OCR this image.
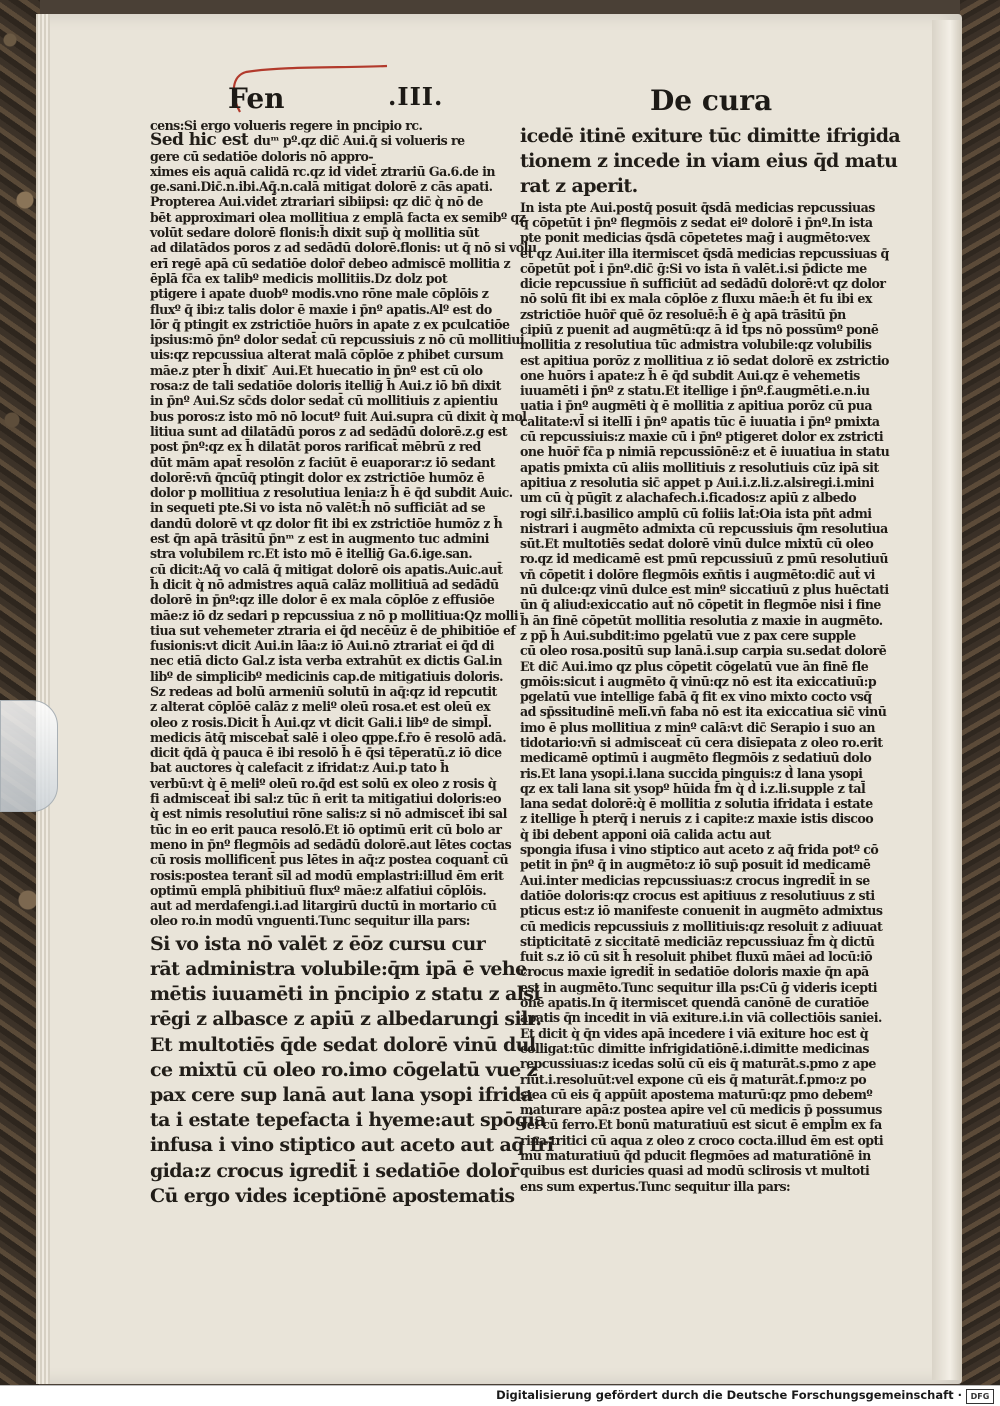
Fen	.III.	De cura
cens:Si ergo volueris regere in pncipio rc.
Sed hic est duᵐ pº.qz dic̄ Aui.q̄ si volueris re
gere cū sedatiōe doloris nō appro-
ximes eis aquā calidā rc.qz id videt̄ ztrariū Ga.6.de in
ge.sani.Dic̄.n.ibi.Aq̄.n.calā mitigat dolorē z cās apati.
Propterea Aui.videt̄ ztrariari sibiipsi: qz dic̄ q̀ nō de
bēt approximari olea mollitiua z emplā facta ex semibº qz
volūt sedare dolorē flonis:h̄ dixit sup̄ q̀ mollitia sūt
ad dilatādos poros z ad sedādū dolorē.flonis: ut q̄ nō si volu
erī regē apā cū sedatiōe dolor̄ debeo admiscē mollitia z
ēplā fc̄a ex talibº medicis mollitiis.Dz dolz pot
ptigere i apate duobº modis.vno rōne male cōplōis z
fluxº q̄ ibi:z talis dolor ē maxie i p̄nº apatis.Alº est do
lōr q̄ ptingit ex zstrictiōe huōrs in apate z ex pculcatiōe
ipsius:mō p̄nº dolor sedat̄ cū repcussiuis z nō cū mollitiui
uis:qz repcussiua alterat malā cōplōe z phibet cursum
māe.z pter h̄ dixit ̄ Aui.Et huecatio in p̄nº est cū olo
rosa:z de tali sedatiōe doloris itelliḡ h̄ Aui.z iō bn̄ dixit
in p̄nº Aui.Sz sc̄ds dolor sedat̄ cū mollitiuis z apientiu
bus poros:z isto mō nō locutº fuit Aui.supra cū dixit q̀ mol
litiua sunt ad dilatādū poros z ad sedādū dolorē.z.g est
post p̄nº:qz ex h̄ dilatāt poros rarificat̄ mēbrū z red
dūt mām apat̄ resolōn z faciūt ē euaporar:z iō sedant
dolorē:vn̄ q̄ncūq̄ ptingit dolor ex zstrictiōe humōz ē
dolor p mollitiua z resolutiua lenia:z h̄ ē q̄d subdit Auic.
in sequeti pte.Si vo ista nō valēt:h̄ nō sufficiāt ad se
dandū dolorē vt qz dolor fit ibi ex zstrictiōe humōz z h̄
est q̄n apā trāsitū p̄nᵐ z est in augmento tuc admini
stra volubilem rc.Et isto mō ē itelliḡ Ga.6.ige.san.
cū dicit:Aq̄ vo calā q̄ mitigat dolorē ois apatis.Auic.aut̄
h̄ dicit q̀ nō admistres aquā calāz mollitiuā ad sedādū
dolorē in p̄nº:qz ille dolor ē ex mala cōplōe z effusiōe
māe:z iō dz sedari p repcussiua z nō p mollitiua:Qz molli
tiua sut vehemeter ztraria ei q̄d necēūz ē de phibitiōe ef
fusionis:vt dicit Aui.in lāa:z iō Aui.nō ztrariat̄ ei q̄d di
nec etiā dicto Gal.z ista verba extrahūt ex dictis Gal.in
libº de simplicibº medicinis cap.de mitigatiuis doloris.
Sz redeas ad bolū armeniū solutū in aq̄:qz id repcutit
z alterat cōplōē calāz z meliº oleū rosa.et est oleū ex
oleo z rosis.Dicit h̄ Aui.qz vt dicit Gali.i libº de simpl̄.
medicis ātq̄ miscebat̄ salē i oleo qppe.f.r̄o ē resolō adā.
dicit q̄dā q̀ pauca ē ibi resolō h̄ ē q̄si tēperatū.z iō dice
bat auctores q̀ calefacit z ifridat:z Aui.p tato h̄
verbū:vt q̀ ē meliº oleū ro.q̄d est solū ex oleo z rosis q̀
fi admisceat̄ ibi sal:z tūc n̄ erit ta mitigatiui doloris:eo
q̀ est nimis resolutiui rōne salis:z si nō admiscet̄ ibi sal
tūc in eo erit pauca resolō.Et iō optimū erit cū bolo ar
meno in p̄nº flegmōis ad sedādū dolorē.aut lētes coctas
cū rosis mollificent̄ pus lētes in aq̄:z postea coquant̄ cū
rosis:postea terant̄ sīl ad modū emplastri:illud ēm erit
optimū emplā phibitiuū fluxº māe:z alfatiui cōplōis.
aut ad merdafengi.i.ad litargirū ductū in mortario cū
oleo ro.in modū vnguenti.Tunc sequitur illa pars:
Si vo ista nō valēt z ēōz cursu cur
rāt administra volubile:q̄m ipā ē vehe
mētis iuuamēti in p̄ncipio z statu z alsi
rēgi z albasce z apiū z albedarungi silr.
Et multotiēs q̄de sedat dolorē vinū dul
ce mixtū cū oleo ro.imo cōgelatū vue z
pax cere sup lanā aut lana ysopi ifrida
ta i estate tepefacta i hyeme:aut spōgia
infusa i vino stiptico aut aceto aut aq̄ fri
gida:z crocus igredit̄ i sedatiōe dolor̄
Cū ergo vides iceptiōnē apostematis
icedē itinē exiture tūc dimitte ifrigida
tionem z incede in viam eius q̄d matu
rat z aperit.
In ista pte Aui.postq̄ posuit q̄sdā medicias repcussiuas
q̄ cōpetūt i p̄nº flegmōis z sedat eiº dolorē i p̄nº.In ista
pte ponit medicias q̄sdā cōpetetes maḡ i augmēto:vex
et qz Aui.iter illa itermiscet q̄sdā medicias repcussiuas q̄
cōpetūt pot̄ i p̄nº.dic̄ ḡ:Si vo ista n̄ valēt.i.si p̄dicte me
dicie repcussiue n̄ sufficiūt ad sedādū dolorē:vt qz dolor
nō solū fit ibi ex mala cōplōe z fluxu māe:h̄ ēt fu ibi ex
zstrictiōe huōr̄ quē ōz resoluē:h̄ ē q̀ apā trāsitū p̄n
cipiū z puenit ad augmētū:qz ā id t̄ps nō possūmº ponē
mollitia z resolutiua tūc admistra volubile:qz volubilis
est apitiua porōz z mollitiua z iō sedat dolorē ex zstrictio
one huōrs i apate:z h̄ ē q̄d subdit Aui.qz ē vehemetis
iuuamēti i p̄nº z statu.Et itellige i p̄nº.f.augmēti.e.n.iu
uatia i p̄nº augmēti q̀ ē mollitia z apitiua porōz cū pua
calitate:vl̄ si itellī i p̄nº apatis tūc ē iuuatia i p̄nº pmixta
cū repcussiuis:z maxie cū i p̄nº ptigeret dolor ex zstricti
one huōr̄ fc̄a p nimiā repcussiōnē:z et ē iuuatiua in statu
apatis pmixta cū aliis mollitiuis z resolutiuis cūz ipā sit
apitiua z resolutia sic̄ appet p Aui.i.z.li.z.alsiregi.i.mini
um cū q̀ pūgīt z alachafech.i.ficados:z apiū z albedo
rogi silr̄.i.basilico amplū cū foliis lat̄:Oia ista pn̄t admi
nistrari i augmēto admixta cū repcussiuis q̄m resolutiua
sūt.Et multotiēs sedat dolorē vinū dulce mixtū cū oleo
ro.qz id medicamē est pmū repcussiuū z pmū resolutiuū
vn̄ cōpetit i dolōre flegmōis exn̄tis i augmēto:dic̄ aut̄ vi
nū dulce:qz vinū dulce est minº siccatiuū z plus huēctati
ūn q̄ aliud:exiccatio aut̄ nō cōpetit in flegmōe nisi i fine
h̄ ān finē cōpetūt mollitia resolutia z maxie in augmēto.
z pp̄ h̄ Aui.subdit:imo pgelatū vue z pax cere supple
cū oleo rosa.positū sup lanā.i.sup carpia su.sedat dolorē
Et dic̄ Aui.imo qz plus cōpetit cōgelatū vue ān finē fle
gmōis:sicut i augmēto q̄ vinū:qz nō est ita exiccatiuū:p
pgelatū vue intellige fabā q̄ fit ex vino mixto cocto vsq̄
ad sp̄ssitudinē melī.vn̄ faba nō est ita exiccatiua sic̄ vinū
imo ē plus mollitiua z minº calā:vt dic̄ Serapio i suo an
tidotario:vn̄ si admisceat̄ cū cera disīepata z oleo ro.erit
medicamē optimū i augmēto flegmōis z sedatiuū dolo
ris.Et lana ysopi.i.lana succida pinguis:z d̀ lana ysopi
qz ex tali lana sit ysopº hūida f̄m q̀ d̀ i.z.li.supple z tal̄
lana sedat dolorē:q̀ ē mollitia z solutia ifridata i estate
z itellige h̄ pterq̄ i neruis z i capite:z maxie istis discoo
q̀ ibi debent apponi oiā calida actu aut
spongia ifusa i vino stiptico aut aceto z aq̄ frida potº cō
petit in p̄nº q̄ in augmēto:z iō sup̄ posuit id medicamē
Aui.inter medicias repcussiuas:z crocus ingredit̄ in se
datiōe doloris:qz crocus est apitiuus z resolutiuus z sti
pticus est:z iō manifeste conuenit in augmēto admixtus
cū medicis repcussiuis z mollitiuis:qz resoluit z adiuuat
stipticitatē z siccitatē mediciāz repcussiuaz f̄m q̀ dictū
fuit s.z iō cū sit h̄ resoluit phibet fluxū māei ad locū:iō
crocus maxie igredit̄ in sedatiōe doloris maxie q̄n apā
est in augmēto.Tunc sequitur illa ps:Cū ḡ videris icepti
onē apatis.In q̄ itermiscet quendā canōnē de curatiōe
apatis q̄n incedit in viā exiture.i.in viā collectiōis saniei.
Et dicit q̀ q̄n vides apā incedere i viā exiture hoc est q̀
colligat:tūc dimitte infrigidatiōnē.i.dimitte medicinas
repcussiuas:z icedas solū cū eis q̄ maturāt.s.pmo z ape
riūt.i.resoluūt:vel expone cū eis q̄ maturāt.f.pmo:z po
stea cū eis q̄ appūit apostema maturū:qz pmo debemº
maturare apā:z postea apire vel cū medicis p̄ possumus
vel cū ferro.Et bonū maturatiuū est sicut ē empl̄m ex fa
rina tritici cū aqua z oleo z croco cocta.illud ēm est opti
mū maturatiuū q̄d pducit flegmōes ad maturatiōnē in
quibus est duricies quasi ad modū sclirosis vt multoti
ens sum expertus.Tunc sequitur illa pars:
Digitalisierung gefördert durch die Deutsche Forschungsgemeinschaft ·	DFG
